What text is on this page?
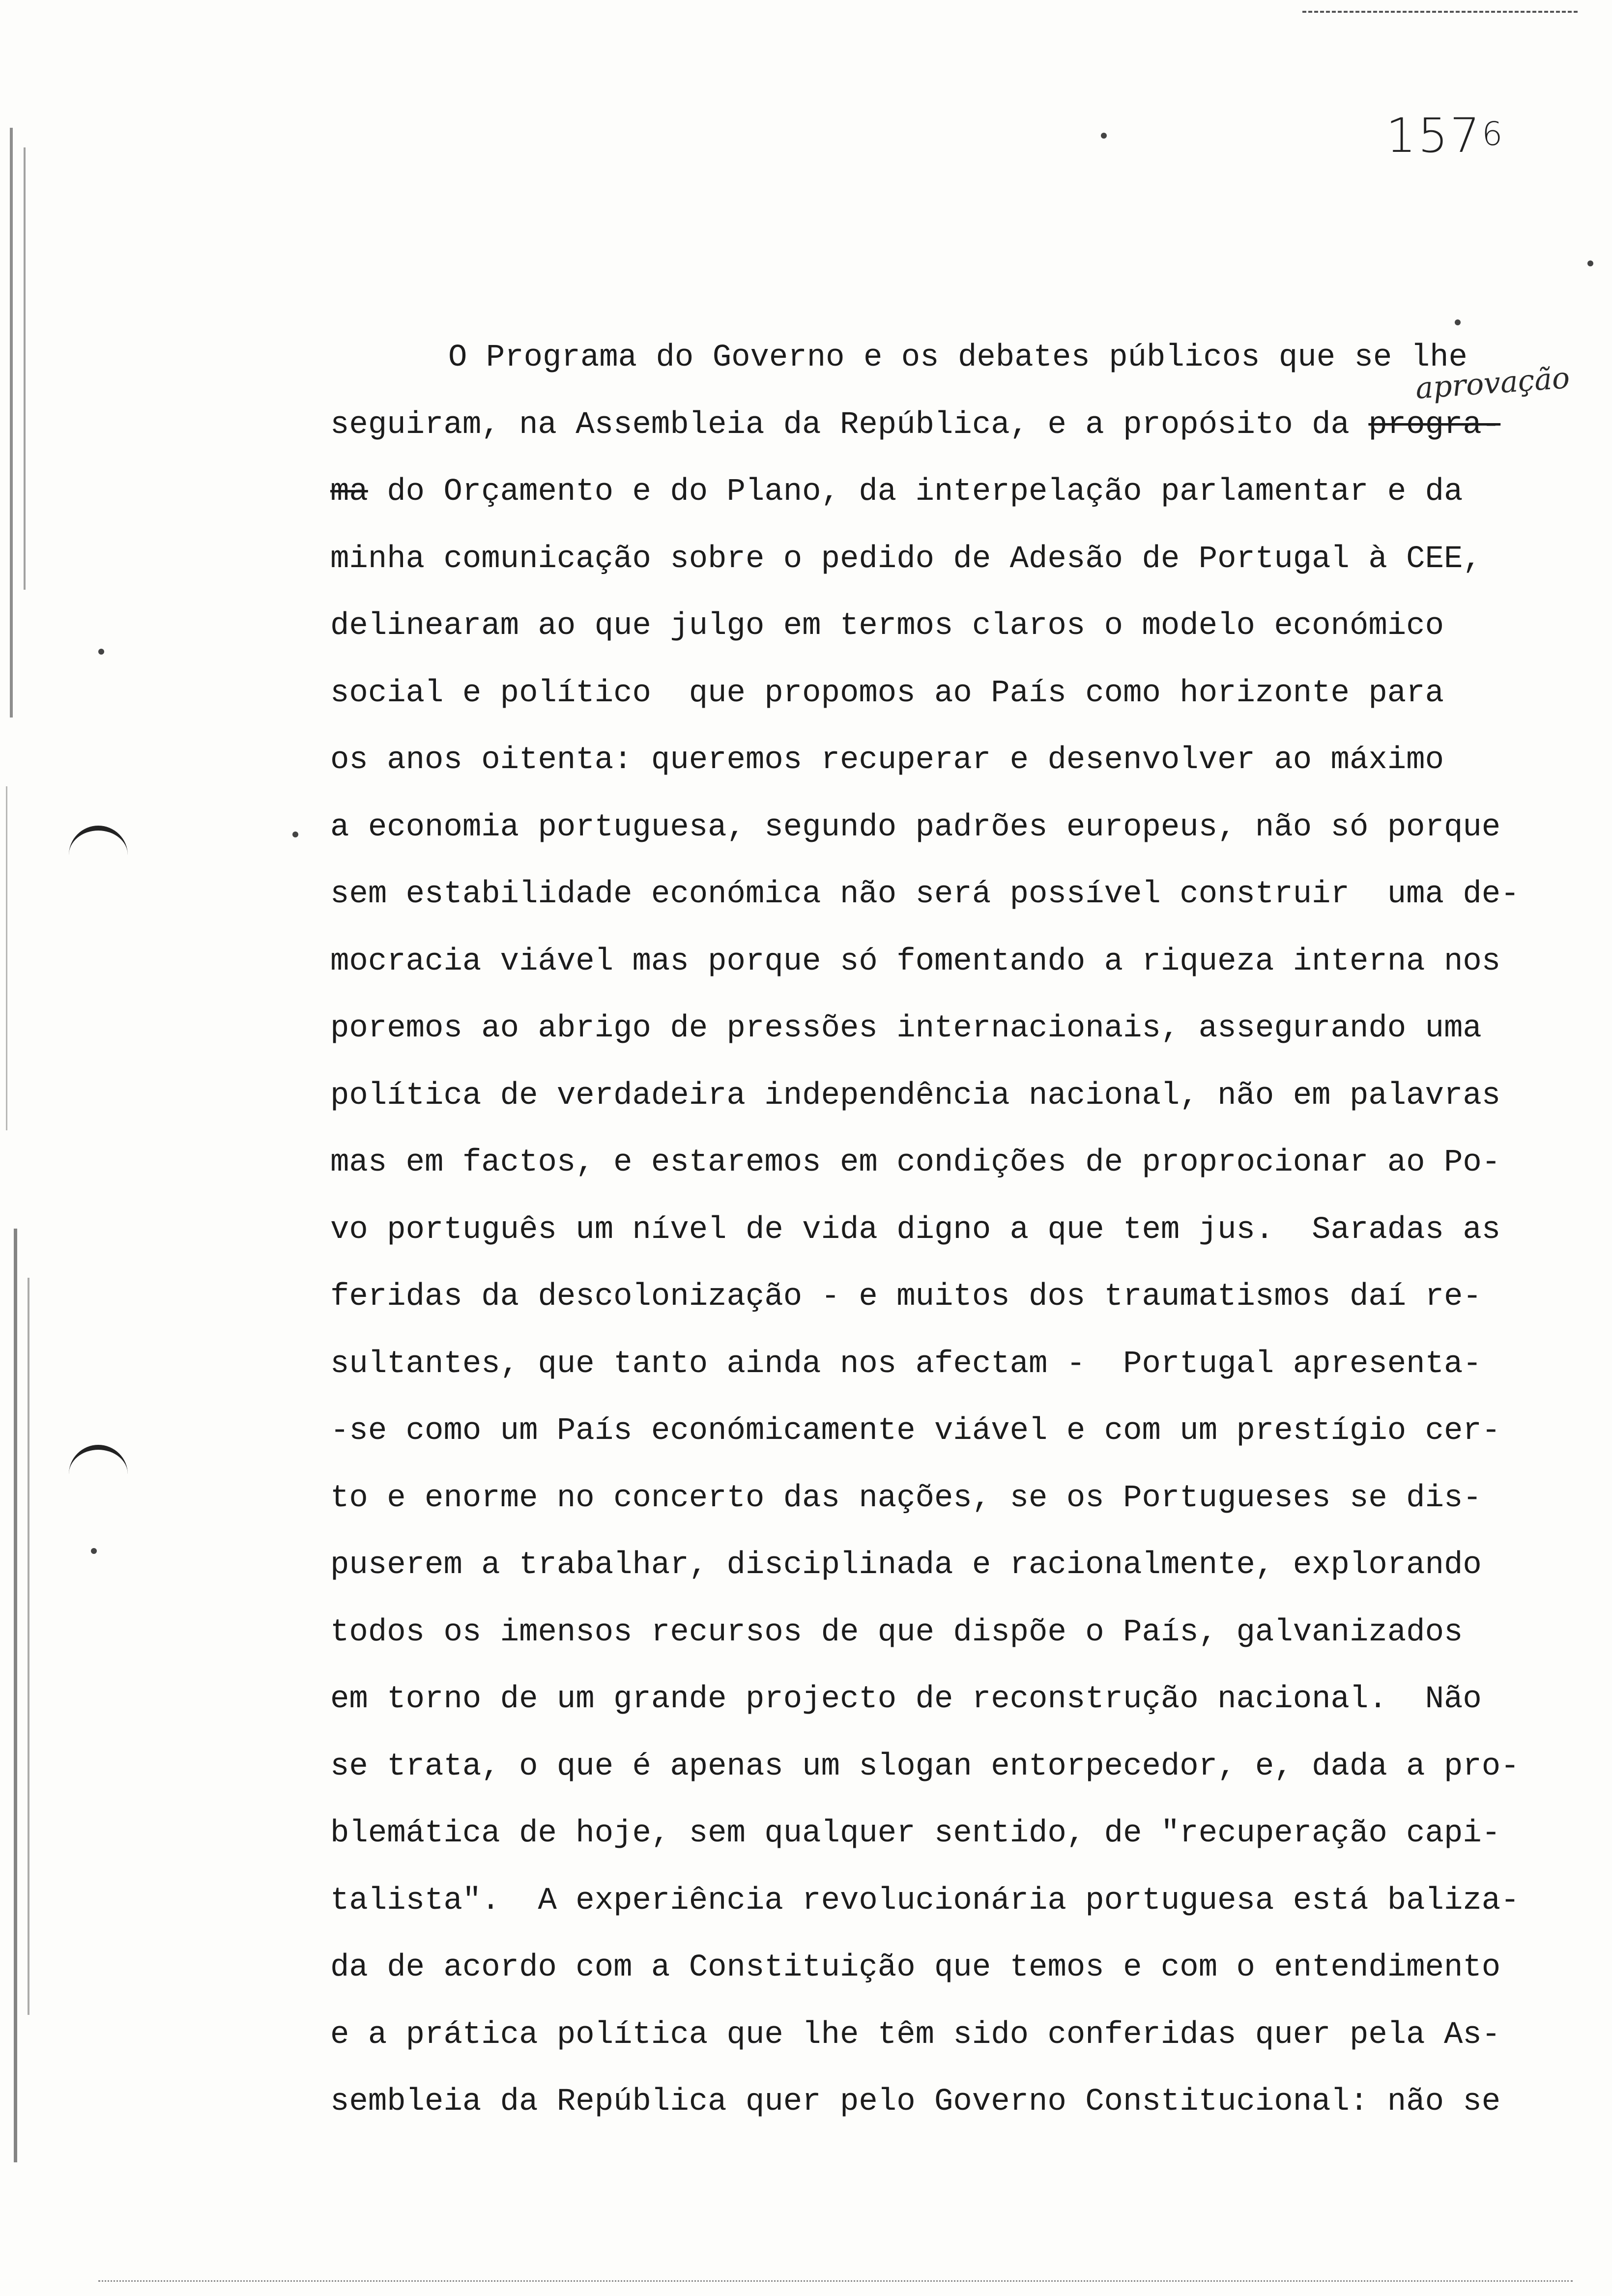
1576
aprovação
O Programa do Governo e os debates públicos que se lhe
seguiram, na Assembleia da República, e a propósito da progra-
ma do Orçamento e do Plano, da interpelação parlamentar e da
minha comunicação sobre o pedido de Adesão de Portugal à CEE,
delinearam ao que julgo em termos claros o modelo económico
social e político  que propomos ao País como horizonte para
os anos oitenta: queremos recuperar e desenvolver ao máximo
a economia portuguesa, segundo padrões europeus, não só porque
sem estabilidade económica não será possível construir  uma de-
mocracia viável mas porque só fomentando a riqueza interna nos
poremos ao abrigo de pressões internacionais, assegurando uma
política de verdadeira independência nacional, não em palavras
mas em factos, e estaremos em condições de proprocionar ao Po-
vo português um nível de vida digno a que tem jus.  Saradas as
feridas da descolonização - e muitos dos traumatismos daí re-
sultantes, que tanto ainda nos afectam -  Portugal apresenta-
-se como um País económicamente viável e com um prestígio cer-
to e enorme no concerto das nações, se os Portugueses se dis-
puserem a trabalhar, disciplinada e racionalmente, explorando
todos os imensos recursos de que dispõe o País, galvanizados
em torno de um grande projecto de reconstrução nacional.  Não
se trata, o que é apenas um slogan entorpecedor, e, dada a pro-
blemática de hoje, sem qualquer sentido, de "recuperação capi-
talista".  A experiência revolucionária portuguesa está baliza-
da de acordo com a Constituição que temos e com o entendimento
e a prática política que lhe têm sido conferidas quer pela As-
sembleia da República quer pelo Governo Constitucional: não se
